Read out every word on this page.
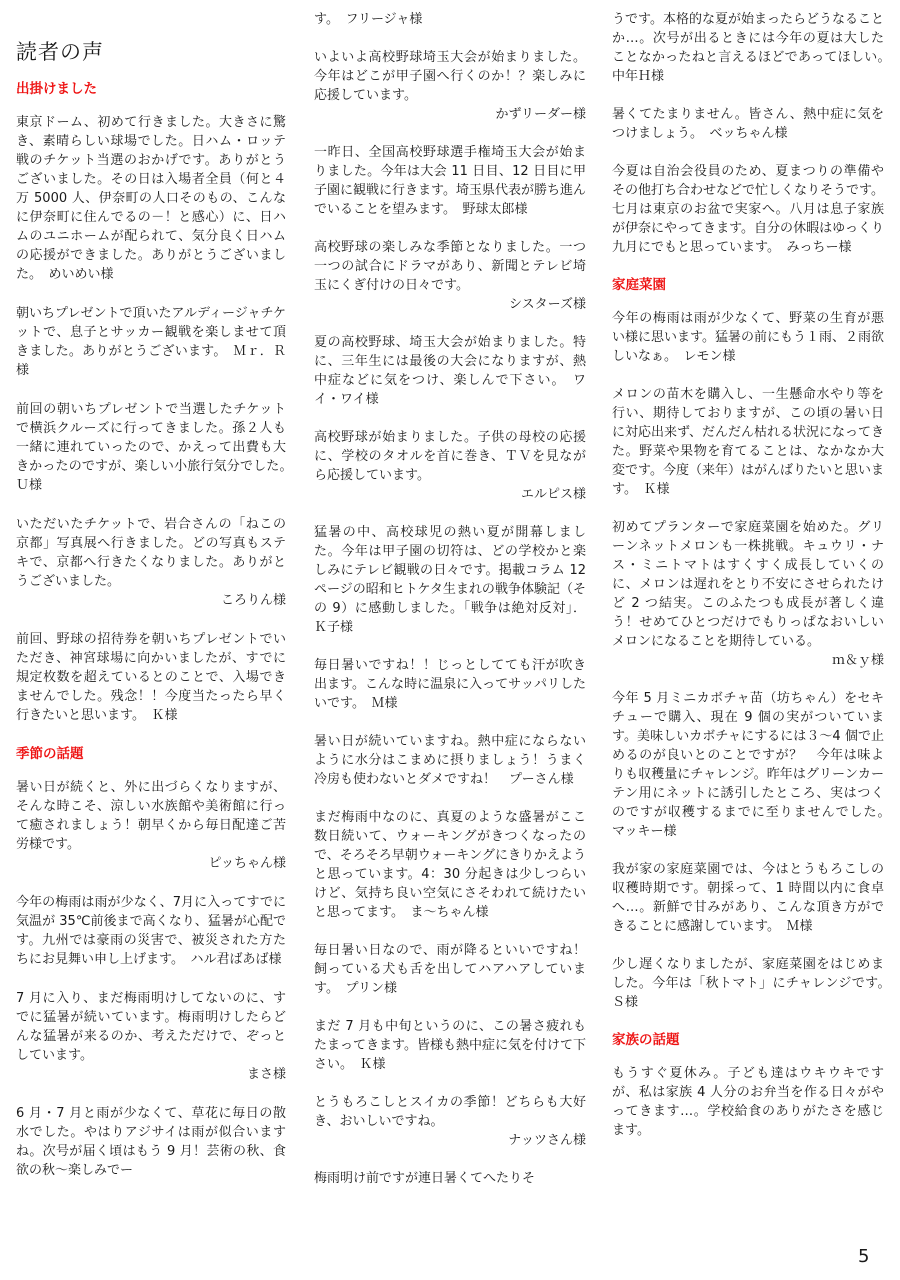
読者の声
出掛けました
東京ドーム、初めて行きました。大きさに驚き、素晴らしい球場でした。日ハム・ロッテ戦のチケット当選のおかげです。ありがとうございました。その日は入場者全員（何と４万 5000 人、伊奈町の人口そのもの、こんなに伊奈町に住んでるの－！と感心）に、日ハムのユニホームが配られて、気分良く日ハムの応援ができました。ありがとうございました。　めいめい様
朝いちプレゼントで頂いたアルディージャチケットで、息子とサッカー観戦を楽しませて頂きました。ありがとうございます。　Ｍｒ．Ｒ様
前回の朝いちプレゼントで当選したチケットで横浜クルーズに行ってきました。孫２人も一緒に連れていったので、かえって出費も大きかったのですが、楽しい小旅行気分でした。　Ｕ様
いただいたチケットで、岩合さんの「ねこの京都」写真展へ行きました。どの写真もステキで、京都へ行きたくなりました。ありがとうございました。
ころりん様
前回、野球の招待券を朝いちプレゼントでいただき、神宮球場に向かいましたが、すでに規定枚数を超えているとのことで、入場できませんでした。残念！！今度当たったら早く行きたいと思います。　Ｋ様
季節の話題
暑い日が続くと、外に出づらくなりますが、そんな時こそ、涼しい水族館や美術館に行って癒されましょう！朝早くから毎日配達ご苦労様です。
ピッちゃん様
今年の梅雨は雨が少なく、7月に入ってすでに気温が 35℃前後まで高くなり、猛暑が心配です。九州では豪雨の災害で、被災された方たちにお見舞い申し上げます。　ハル君ばあば様
7 月に入り、まだ梅雨明けしてないのに、すでに猛暑が続いています。梅雨明けしたらどんな猛暑が来るのか、考えただけで、ぞっとしています。
まさ様
6 月・7 月と雨が少なくて、草花に毎日の散水でした。やはりアジサイは雨が似合いますね。次号が届く頃はもう 9 月！芸術の秋、食欲の秋～楽しみでー
す。　フリージャ様
いよいよ高校野球埼玉大会が始まりました。今年はどこが甲子園へ行くのか！？楽しみに応援しています。
かずリーダー様
一昨日、全国高校野球選手権埼玉大会が始まりました。今年は大会 11 日目、12 日目に甲子園に観戦に行きます。埼玉県代表が勝ち進んでいることを望みます。　野球太郎様
高校野球の楽しみな季節となりました。一つ一つの試合にドラマがあり、新聞とテレビ埼玉にくぎ付けの日々です。
シスターズ様
夏の高校野球、埼玉大会が始まりました。特に、三年生には最後の大会になりますが、熱中症などに気をつけ、楽しんで下さい。　ワイ・ワイ様
高校野球が始まりました。子供の母校の応援に、学校のタオルを首に巻き、ＴＶを見ながら応援しています。
エルピス様
猛暑の中、高校球児の熱い夏が開幕しました。今年は甲子園の切符は、どの学校かと楽しみにテレビ観戦の日々です。掲載コラム 12 ページの昭和ヒトケタ生まれの戦争体験記（その 9）に感動しました。「戦争は絶対反対」．Ｋ子様
毎日暑いですね！！じっとしてても汗が吹き出ます。こんな時に温泉に入ってサッパリしたいです。　Ｍ様
暑い日が続いていますね。熱中症にならないように水分はこまめに摂りましょう！うまく冷房も使わないとダメですね！　プーさん様
まだ梅雨中なのに、真夏のような盛暑がここ数日続いて、ウォーキングがきつくなったので、そろそろ早朝ウォーキングにきりかえようと思っています。4：30 分起きは少しつらいけど、気持ち良い空気にさそわれて続けたいと思ってます。　ま～ちゃん様
毎日暑い日なので、雨が降るといいですね！飼っている犬も舌を出してハアハアしています。　プリン様
まだ 7 月も中旬というのに、この暑さ疲れもたまってきます。皆様も熱中症に気を付けて下さい。　Ｋ様
とうもろこしとスイカの季節！どちらも大好き、おいしいですね。
ナッツさん様
梅雨明け前ですが連日暑くてへたりそ
うです。本格的な夏が始まったらどうなることか…。次号が出るときには今年の夏は大したことなかったねと言えるほどであってほしい。　中年Ｈ様
暑くてたまりません。皆さん、熱中症に気をつけましょう。　べッちゃん様
今夏は自治会役員のため、夏まつりの準備やその他打ち合わせなどで忙しくなりそうです。七月は東京のお盆で実家へ。八月は息子家族が伊奈にやってきます。自分の休暇はゆっくり九月にでもと思っています。　みっちー様
家庭菜園
今年の梅雨は雨が少なくて、野菜の生育が悪い様に思います。猛暑の前にもう１雨、２雨欲しいなぁ。　レモン様
メロンの苗木を購入し、一生懸命水やり等を行い、期待しておりますが、この頃の暑い日に対応出来ず、だんだん枯れる状況になってきた。野菜や果物を育てることは、なかなか大変です。今度（来年）はがんばりたいと思います。　Ｋ様
初めてプランターで家庭菜園を始めた。グリーンネットメロンも一株挑戦。キュウリ・ナス・ミニトマトはすくすく成長していくのに、メロンは遅れをとり不安にさせられたけど 2 つ結実。このふたつも成長が著しく違う！せめてひとつだけでもりっぱなおいしいメロンになることを期待している。
ｍ＆ｙ様
今年 5 月ミニカボチャ苗（坊ちゃん）をセキチューで購入、現在 9 個の実がついています。美味しいカボチャにするには３～4 個で止めるのが良いとのことですが？　今年は味よりも収穫量にチャレンジ。昨年はグリーンカーテン用にネットに誘引したところ、実はつくのですが収穫するまでに至りませんでした。　マッキー様
我が家の家庭菜園では、今はとうもろこしの収穫時期です。朝採って、1 時間以内に食卓へ…。新鮮で甘みがあり、こんな頂き方ができることに感謝しています。　Ｍ様
少し遅くなりましたが、家庭菜園をはじめました。今年は「秋トマト」にチャレンジです。　Ｓ様
家族の話題
もうすぐ夏休み。子ども達はウキウキですが、私は家族 4 人分のお弁当を作る日々がやってきます…。学校給食のありがたさを感じます。
5
